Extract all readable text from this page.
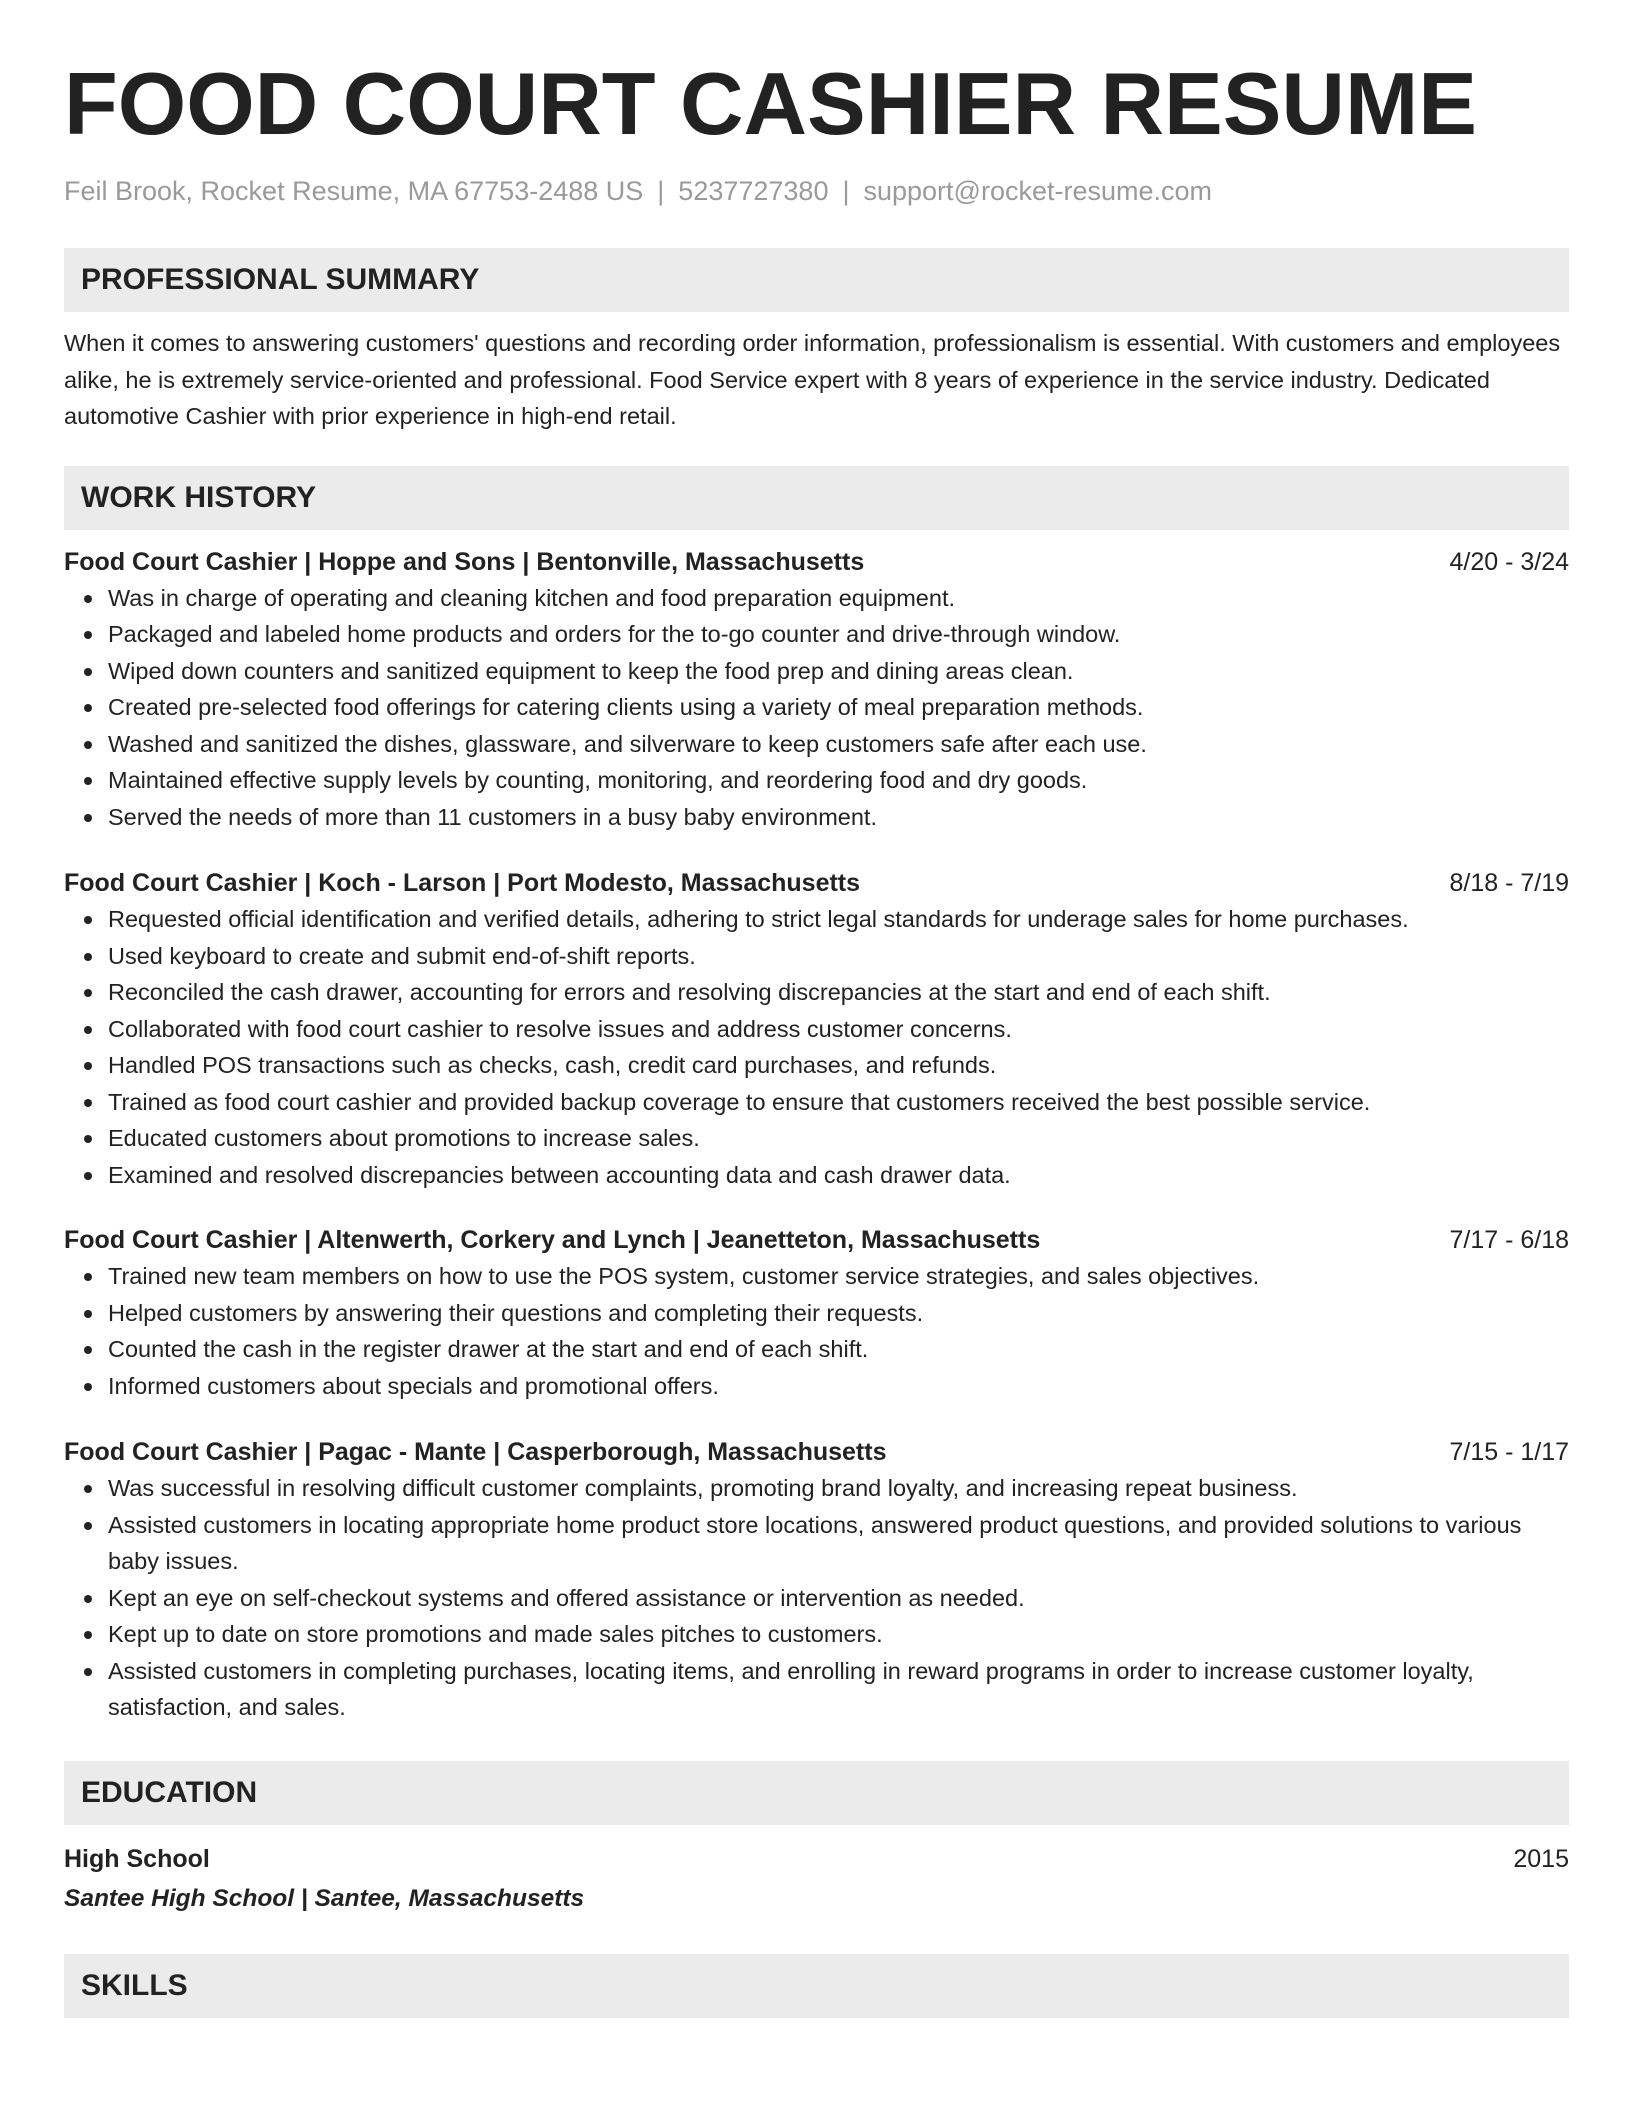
FOOD COURT CASHIER RESUME
Feil Brook, Rocket Resume, MA 67753-2488 US | 5237727380 | support@rocket-resume.com
PROFESSIONAL SUMMARY
When it comes to answering customers' questions and recording order information, professionalism is essential. With customers and employees alike, he is extremely service-oriented and professional. Food Service expert with 8 years of experience in the service industry. Dedicated automotive Cashier with prior experience in high-end retail.
WORK HISTORY
Food Court Cashier | Hoppe and Sons | Bentonville, Massachusetts	4/20 - 3/24
Was in charge of operating and cleaning kitchen and food preparation equipment.
Packaged and labeled home products and orders for the to-go counter and drive-through window.
Wiped down counters and sanitized equipment to keep the food prep and dining areas clean.
Created pre-selected food offerings for catering clients using a variety of meal preparation methods.
Washed and sanitized the dishes, glassware, and silverware to keep customers safe after each use.
Maintained effective supply levels by counting, monitoring, and reordering food and dry goods.
Served the needs of more than 11 customers in a busy baby environment.
Food Court Cashier | Koch - Larson | Port Modesto, Massachusetts	8/18 - 7/19
Requested official identification and verified details, adhering to strict legal standards for underage sales for home purchases.
Used keyboard to create and submit end-of-shift reports.
Reconciled the cash drawer, accounting for errors and resolving discrepancies at the start and end of each shift.
Collaborated with food court cashier to resolve issues and address customer concerns.
Handled POS transactions such as checks, cash, credit card purchases, and refunds.
Trained as food court cashier and provided backup coverage to ensure that customers received the best possible service.
Educated customers about promotions to increase sales.
Examined and resolved discrepancies between accounting data and cash drawer data.
Food Court Cashier | Altenwerth, Corkery and Lynch | Jeanetteton, Massachusetts	7/17 - 6/18
Trained new team members on how to use the POS system, customer service strategies, and sales objectives.
Helped customers by answering their questions and completing their requests.
Counted the cash in the register drawer at the start and end of each shift.
Informed customers about specials and promotional offers.
Food Court Cashier | Pagac - Mante | Casperborough, Massachusetts	7/15 - 1/17
Was successful in resolving difficult customer complaints, promoting brand loyalty, and increasing repeat business.
Assisted customers in locating appropriate home product store locations, answered product questions, and provided solutions to various baby issues.
Kept an eye on self-checkout systems and offered assistance or intervention as needed.
Kept up to date on store promotions and made sales pitches to customers.
Assisted customers in completing purchases, locating items, and enrolling in reward programs in order to increase customer loyalty, satisfaction, and sales.
EDUCATION
High School	2015
Santee High School | Santee, Massachusetts
SKILLS
